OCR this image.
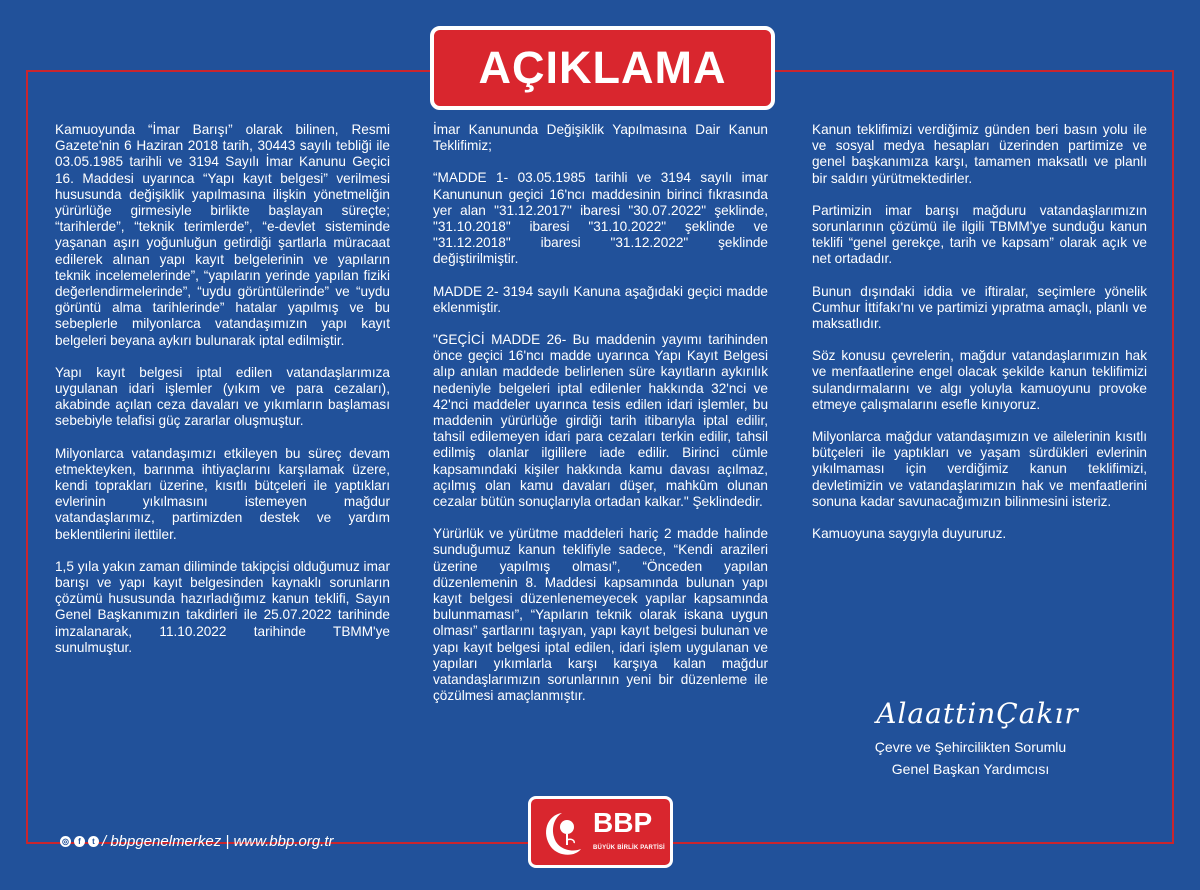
AÇIKLAMA

Kamuoyunda “İmar Barışı” olarak bilinen, Resmi Gazete'nin 6 Haziran 2018 tarih, 30443 sayılı tebliği ile 03.05.1985 tarihli ve 3194 Sayılı İmar Kanunu Geçici 16. Maddesi uyarınca “Yapı kayıt belgesi” verilmesi hususunda değişiklik yapılmasına ilişkin yönetmeliğin yürürlüğe girmesiyle birlikte başlayan süreçte; “tarihlerde”, “teknik terimlerde”, “e-devlet sisteminde yaşanan aşırı yoğunluğun getirdiği şartlarla müracaat edilerek alınan yapı kayıt belgelerinin ve yapıların teknik incelemelerinde”, “yapıların yerinde yapılan fiziki değerlendirmelerinde”, “uydu görüntülerinde” ve “uydu görüntü alma tarihlerinde” hatalar yapılmış ve bu sebeplerle milyonlarca vatandaşımızın yapı kayıt belgeleri beyana aykırı bulunarak iptal edilmiştir.

Yapı kayıt belgesi iptal edilen vatandaşlarımıza uygulanan idari işlemler (yıkım ve para cezaları), akabinde açılan ceza davaları ve yıkımların başlaması sebebiyle telafisi güç zararlar oluşmuştur.

Milyonlarca vatandaşımızı etkileyen bu süreç devam etmekteyken, barınma ihtiyaçlarını karşılamak üzere, kendi toprakları üzerine, kısıtlı bütçeleri ile yaptıkları evlerinin yıkılmasını istemeyen mağdur vatandaşlarımız, partimizden destek ve yardım beklentilerini ilettiler.

1,5 yıla yakın zaman diliminde takipçisi olduğumuz imar barışı ve yapı kayıt belgesinden kaynaklı sorunların çözümü hususunda hazırladığımız kanun teklifi, Sayın Genel Başkanımızın takdirleri ile 25.07.2022 tarihinde imzalanarak, 11.10.2022 tarihinde TBMM'ye sunulmuştur.

İmar Kanununda Değişiklik Yapılmasına Dair Kanun Teklifimiz;

“MADDE 1- 03.05.1985 tarihli ve 3194 sayılı imar Kanununun geçici 16'ncı maddesinin birinci fıkrasında yer alan "31.12.2017" ibaresi "30.07.2022" şeklinde, "31.10.2018" ibaresi "31.10.2022" şeklinde ve "31.12.2018" ibaresi "31.12.2022" şeklinde değiştirilmiştir.

MADDE 2- 3194 sayılı Kanuna aşağıdaki geçici madde eklenmiştir.

"GEÇİCİ MADDE 26- Bu maddenin yayımı tarihinden önce geçici 16'ncı madde uyarınca Yapı Kayıt Belgesi alıp anılan maddede belirlenen süre kayıtların aykırılık nedeniyle belgeleri iptal edilenler hakkında 32'nci ve 42'nci maddeler uyarınca tesis edilen idari işlemler, bu maddenin yürürlüğe girdiği tarih itibarıyla iptal edilir, tahsil edilemeyen idari para cezaları terkin edilir, tahsil edilmiş olanlar ilgililere iade edilir. Birinci cümle kapsamındaki kişiler hakkında kamu davası açılmaz, açılmış olan kamu davaları düşer, mahkûm olunan cezalar bütün sonuçlarıyla ortadan kalkar." Şeklindedir.

Yürürlük ve yürütme maddeleri hariç 2 madde halinde sunduğumuz kanun teklifiyle sadece, “Kendi arazileri üzerine yapılmış olması”, “Önceden yapılan düzenlemenin 8. Maddesi kapsamında bulunan yapı kayıt belgesi düzenlenemeyecek yapılar kapsamında bulunmaması”, “Yapıların teknik olarak iskana uygun olması” şartlarını taşıyan, yapı kayıt belgesi bulunan ve yapı kayıt belgesi iptal edilen, idari işlem uygulanan ve yapıları yıkımlarla karşı karşıya kalan mağdur vatandaşlarımızın sorunlarının yeni bir düzenleme ile çözülmesi amaçlanmıştır.

Kanun teklifimizi verdiğimiz günden beri basın yolu ile ve sosyal medya hesapları üzerinden partimize ve genel başkanımıza karşı, tamamen maksatlı ve planlı bir saldırı yürütmektedirler.

Partimizin imar barışı mağduru vatandaşlarımızın sorunlarının çözümü ile ilgili TBMM'ye sunduğu kanun teklifi “genel gerekçe, tarih ve kapsam” olarak açık ve net ortadadır.

Bunun dışındaki iddia ve iftiralar, seçimlere yönelik Cumhur İttifakı'nı ve partimizi yıpratma amaçlı, planlı ve maksatlıdır.

Söz konusu çevrelerin, mağdur vatandaşlarımızın hak ve menfaatlerine engel olacak şekilde kanun teklifimizi sulandırmalarını ve algı yoluyla kamuoyunu provoke etmeye çalışmalarını esefle kınıyoruz.

Milyonlarca mağdur vatandaşımızın ve ailelerinin kısıtlı bütçeleri ile yaptıkları ve yaşam sürdükleri evlerinin yıkılmaması için verdiğimiz kanun teklifimizi, devletimizin ve vatandaşlarımızın hak ve menfaatlerini sonuna kadar savunacağımızın bilinmesini isteriz.

Kamuoyuna saygıyla duyururuz.

AlaattinÇakır
Çevre ve Şehircilikten Sorumlu
Genel Başkan Yardımcısı
◎	f	t / bbpgenelmerkez | www.bbp.org.tr
BBP
BÜYÜK BİRLİK PARTİSİ
